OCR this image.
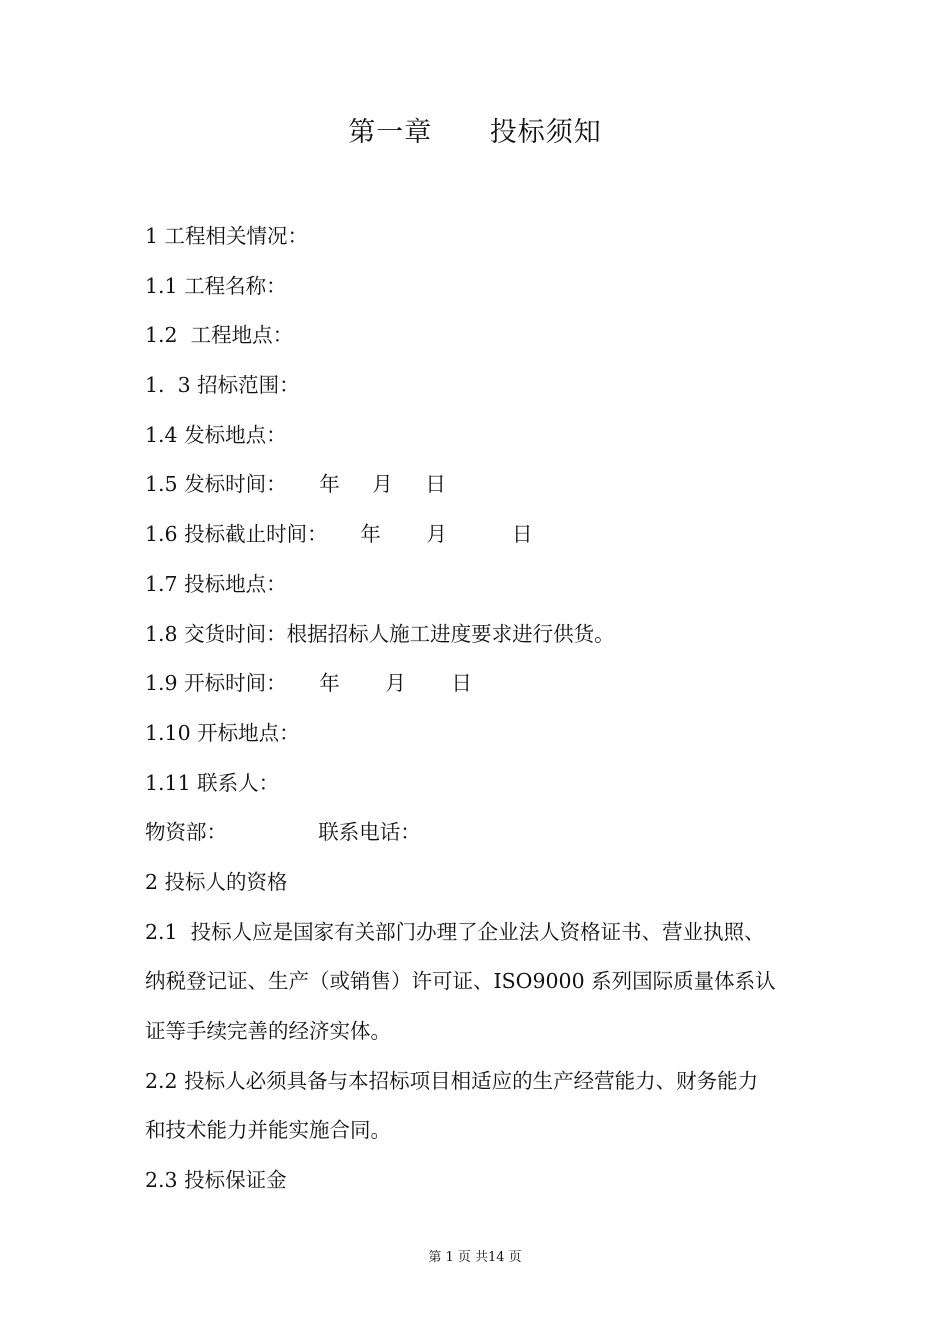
第一章      投标须知
1 工程相关情况：
1.1 工程名称：
1.2  工程地点：
1.  3 招标范围：
1.4 发标地点：
1.5 发标时间：     年     月     日
1.6 投标截止时间：     年       月          日
1.7 投标地点：
1.8 交货时间：根据招标人施工进度要求进行供货。
1.9 开标时间：     年       月       日
1.10 开标地点：
1.11 联系人：
物资部：              联系电话：
2 投标人的资格
2.1  投标人应是国家有关部门办理了企业法人资格证书、营业执照、
纳税登记证、生产（或销售）许可证、ISO9000 系列国际质量体系认
证等手续完善的经济实体。
2.2 投标人必须具备与本招标项目相适应的生产经营能力、财务能力
和技术能力并能实施合同。
2.3 投标保证金
第 1 页 共14 页
